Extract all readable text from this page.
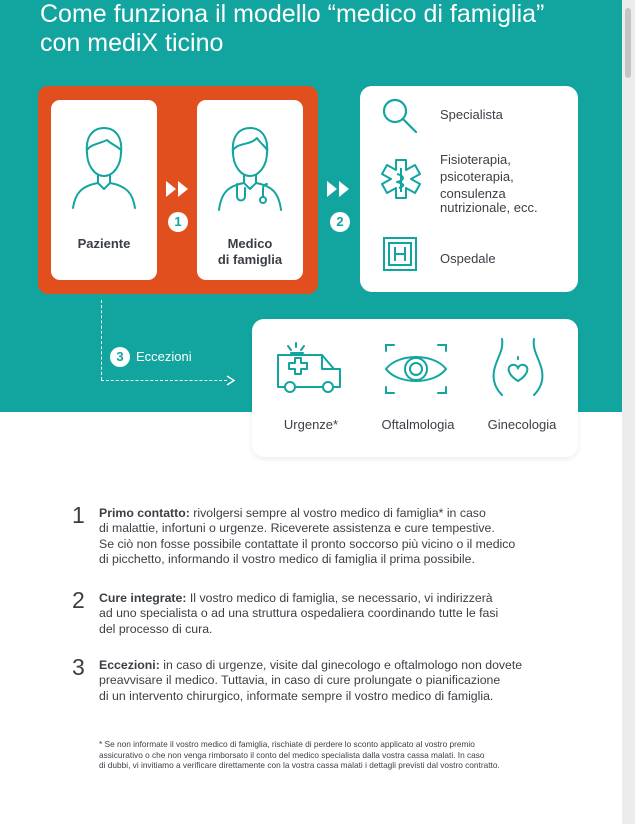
Come funziona il modello “medico di famiglia”
con mediX ticino
Paziente	Medico
di famiglia
1	2
Specialista
Fisioterapia,
psicoterapia,
consulenza
nutrizionale, ecc.
Ospedale
3 Eccezioni
Urgenze*	Oftalmologia	Ginecologia
1 Primo contatto: rivolgersi sempre al vostro medico di famiglia* in caso
di malattie, infortuni o urgenze. Riceverete assistenza e cure tempestive.
Se ciò non fosse possibile contattate il pronto soccorso più vicino o il medico
di picchetto, informando il vostro medico di famiglia il prima possibile.
2 Cure integrate: Il vostro medico di famiglia, se necessario, vi indirizzerà
ad uno specialista o ad una struttura ospedaliera coordinando tutte le fasi
del processo di cura.
3 Eccezioni: in caso di urgenze, visite dal ginecologo e oftalmologo non dovete
preavvisare il medico. Tuttavia, in caso di cure prolungate o pianificazione
di un intervento chirurgico, informate sempre il vostro medico di famiglia.
* Se non informate il vostro medico di famiglia, rischiate di perdere lo sconto applicato al vostro premio
assicurativo o che non venga rimborsato il conto del medico specialista dalla vostra cassa malati. In caso
di dubbi, vi invitiamo a verificare direttamente con la vostra cassa malati i dettagli previsti dal vostro contratto.
